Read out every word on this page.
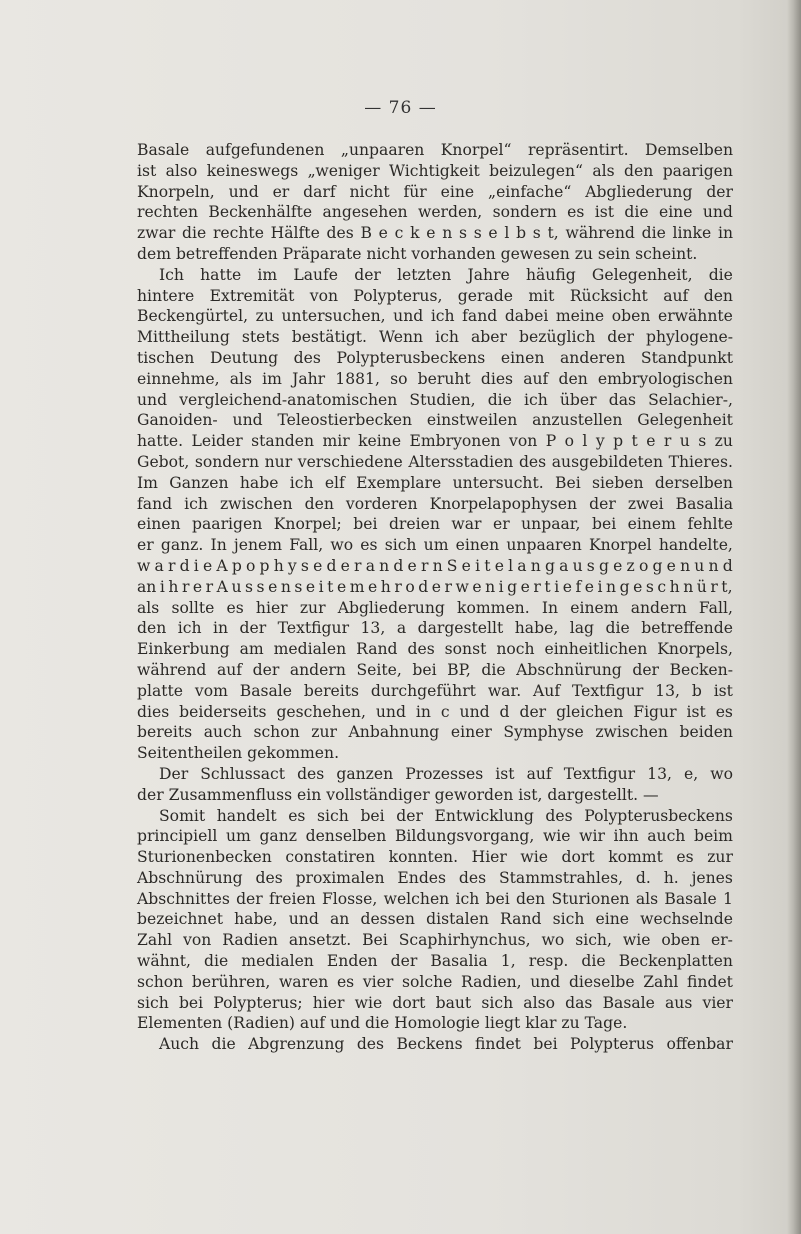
— 76 —
Basale aufgefundenen „unpaaren Knorpel“ repräsentirt. Demselben
ist also keineswegs „weniger Wichtigkeit beizulegen“ als den paarigen
Knorpeln, und er darf nicht für eine „einfache“ Abgliederung der
rechten Beckenhälfte angesehen werden, sondern es ist die eine und
zwar die rechte Hälfte des B e c k e n s s e l b s t, während die linke in
dem betreffenden Präparate nicht vorhanden gewesen zu sein scheint.
Ich hatte im Laufe der letzten Jahre häufig Gelegenheit, die
hintere Extremität von Polypterus, gerade mit Rücksicht auf den
Beckengürtel, zu untersuchen, und ich fand dabei meine oben erwähnte
Mittheilung stets bestätigt. Wenn ich aber bezüglich der phylogene-
tischen Deutung des Polypterusbeckens einen anderen Standpunkt
einnehme, als im Jahr 1881, so beruht dies auf den embryologischen
und vergleichend-anatomischen Studien, die ich über das Selachier-,
Ganoiden- und Teleostierbecken einstweilen anzustellen Gelegenheit
hatte. Leider standen mir keine Embryonen von P o l y p t e r u s zu
Gebot, sondern nur verschiedene Altersstadien des ausgebildeten Thieres.
Im Ganzen habe ich elf Exemplare untersucht. Bei sieben derselben
fand ich zwischen den vorderen Knorpelapophysen der zwei Basalia
einen paarigen Knorpel; bei dreien war er unpaar, bei einem fehlte
er ganz. In jenem Fall, wo es sich um einen unpaaren Knorpel handelte,
w a r d i e A p o p h y s e d e r a n d e r n S e i t e l a n g a u s g e z o g e n u n d
an i h r e r A u s s e n s e i t e m e h r o d e r w e n i g e r t i e f e i n g e s c h n ü r t,
als sollte es hier zur Abgliederung kommen. In einem andern Fall,
den ich in der Textfigur 13, a dargestellt habe, lag die betreffende
Einkerbung am medialen Rand des sonst noch einheitlichen Knorpels,
während auf der andern Seite, bei BP, die Abschnürung der Becken-
platte vom Basale bereits durchgeführt war. Auf Textfigur 13, b ist
dies beiderseits geschehen, und in c und d der gleichen Figur ist es
bereits auch schon zur Anbahnung einer Symphyse zwischen beiden
Seitentheilen gekommen.
Der Schlussact des ganzen Prozesses ist auf Textfigur 13, e, wo
der Zusammenfluss ein vollständiger geworden ist, dargestellt. —
Somit handelt es sich bei der Entwicklung des Polypterusbeckens
principiell um ganz denselben Bildungsvorgang, wie wir ihn auch beim
Sturionenbecken constatiren konnten. Hier wie dort kommt es zur
Abschnürung des proximalen Endes des Stammstrahles, d. h. jenes
Abschnittes der freien Flosse, welchen ich bei den Sturionen als Basale 1
bezeichnet habe, und an dessen distalen Rand sich eine wechselnde
Zahl von Radien ansetzt. Bei Scaphirhynchus, wo sich, wie oben er-
wähnt, die medialen Enden der Basalia 1, resp. die Beckenplatten
schon berühren, waren es vier solche Radien, und dieselbe Zahl findet
sich bei Polypterus; hier wie dort baut sich also das Basale aus vier
Elementen (Radien) auf und die Homologie liegt klar zu Tage.
Auch die Abgrenzung des Beckens findet bei Polypterus offenbar
